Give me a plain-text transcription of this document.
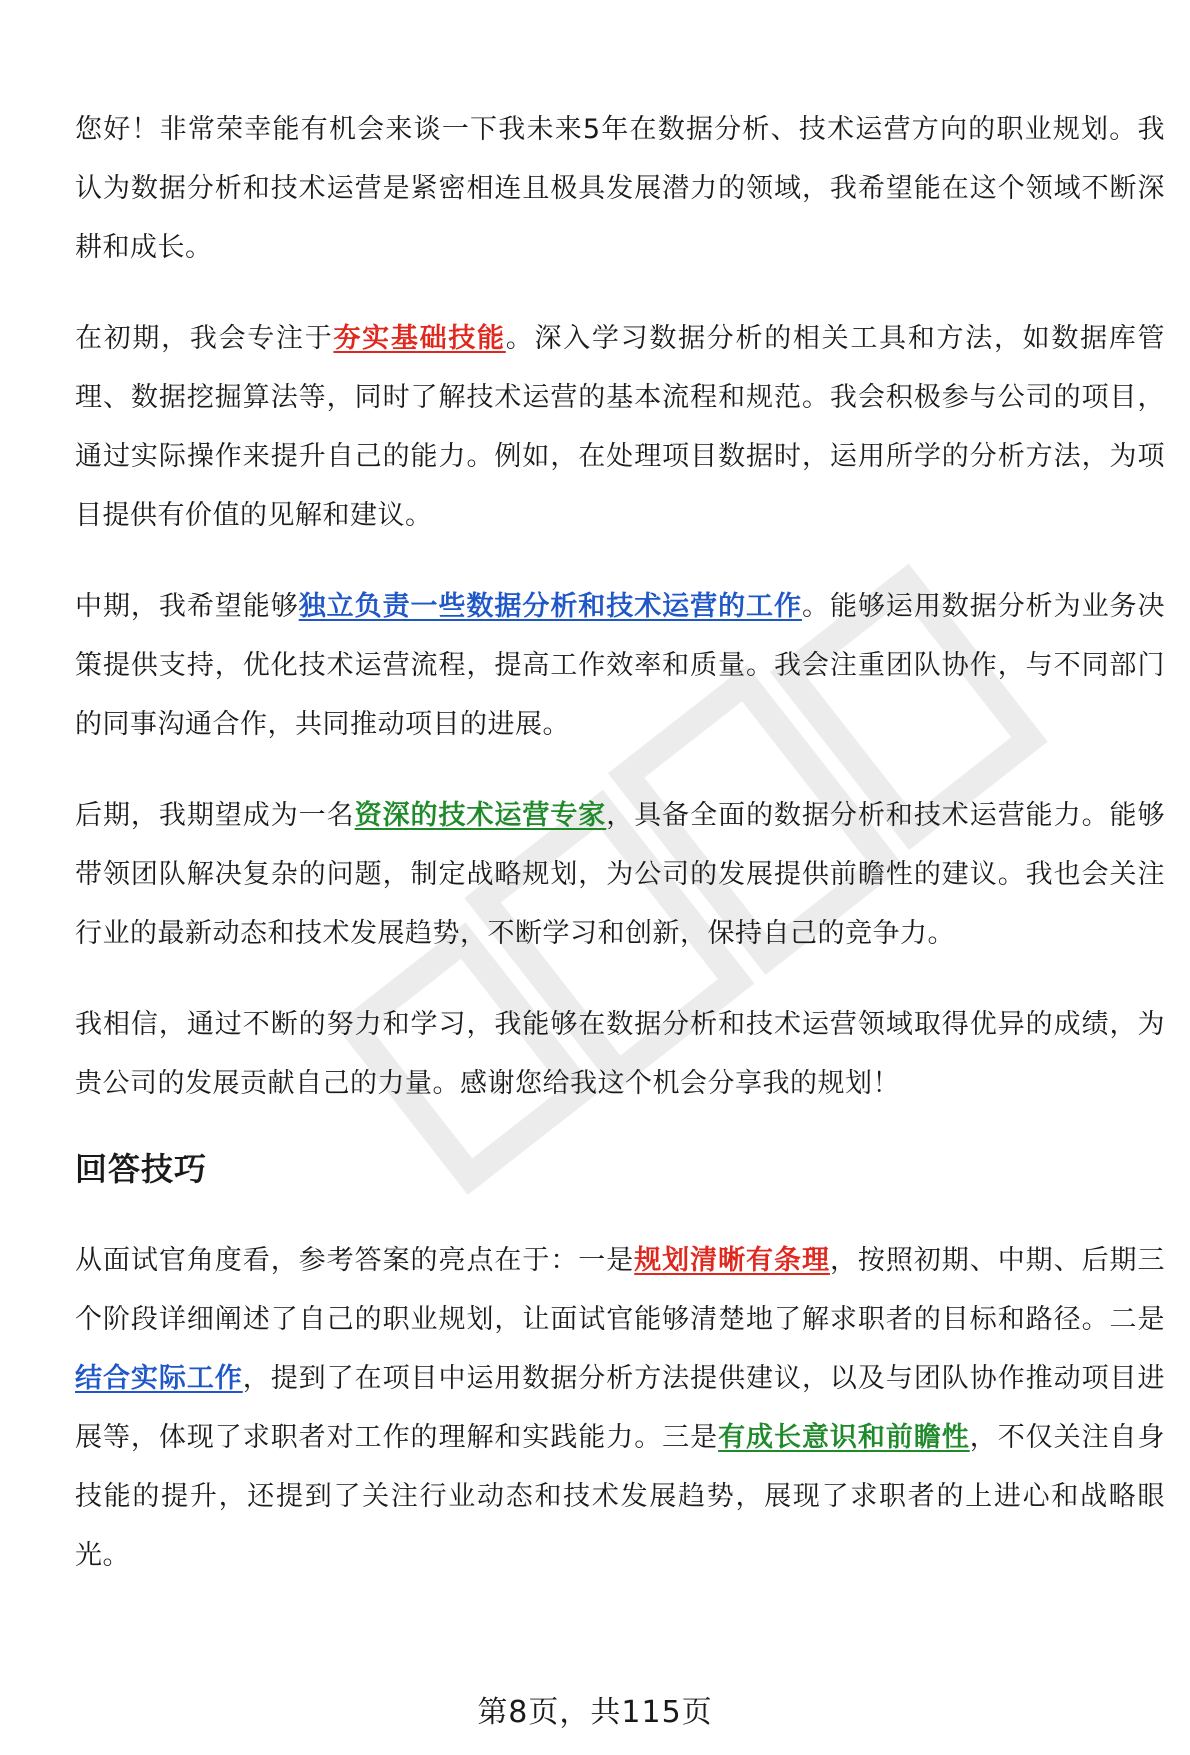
您好！非常荣幸能有机会来谈一下我未来5年在数据分析、技术运营方向的职业规划。我认为数据分析和技术运营是紧密相连且极具发展潜力的领域，我希望能在这个领域不断深耕和成长。

在初期，我会专注于夯实基础技能。深入学习数据分析的相关工具和方法，如数据库管理、数据挖掘算法等，同时了解技术运营的基本流程和规范。我会积极参与公司的项目，通过实际操作来提升自己的能力。例如，在处理项目数据时，运用所学的分析方法，为项目提供有价值的见解和建议。

中期，我希望能够独立负责一些数据分析和技术运营的工作。能够运用数据分析为业务决策提供支持，优化技术运营流程，提高工作效率和质量。我会注重团队协作，与不同部门的同事沟通合作，共同推动项目的进展。

后期，我期望成为一名资深的技术运营专家，具备全面的数据分析和技术运营能力。能够带领团队解决复杂的问题，制定战略规划，为公司的发展提供前瞻性的建议。我也会关注行业的最新动态和技术发展趋势，不断学习和创新，保持自己的竞争力。

我相信，通过不断的努力和学习，我能够在数据分析和技术运营领域取得优异的成绩，为贵公司的发展贡献自己的力量。感谢您给我这个机会分享我的规划！

回答技巧

从面试官角度看，参考答案的亮点在于：一是规划清晰有条理，按照初期、中期、后期三个阶段详细阐述了自己的职业规划，让面试官能够清楚地了解求职者的目标和路径。二是结合实际工作，提到了在项目中运用数据分析方法提供建议，以及与团队协作推动项目进展等，体现了求职者对工作的理解和实践能力。三是有成长意识和前瞻性，不仅关注自身技能的提升，还提到了关注行业动态和技术发展趋势，展现了求职者的上进心和战略眼光。

第8页，共115页
